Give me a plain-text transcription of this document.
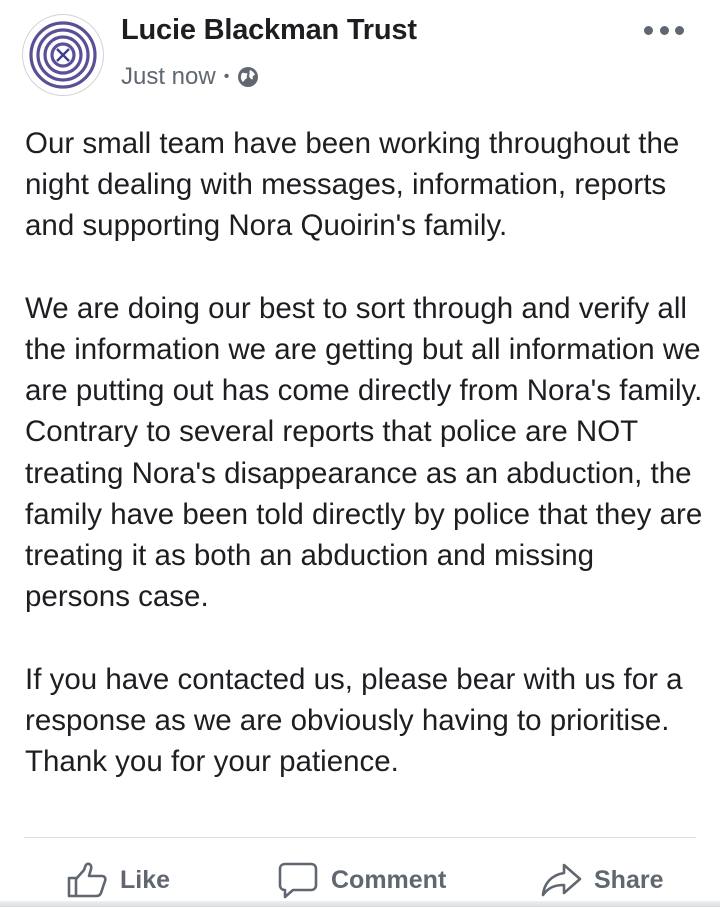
Lucie Blackman Trust
Just now •

Our small team have been working throughout the night dealing with messages, information, reports and supporting Nora Quoirin's family.

We are doing our best to sort through and verify all the information we are getting but all information we are putting out has come directly from Nora's family. Contrary to several reports that police are NOT treating Nora's disappearance as an abduction, the family have been told directly by police that they are treating it as both an abduction and missing persons case.

If you have contacted us, please bear with us for a response as we are obviously having to prioritise. Thank you for your patience.

Like	Comment	Share
